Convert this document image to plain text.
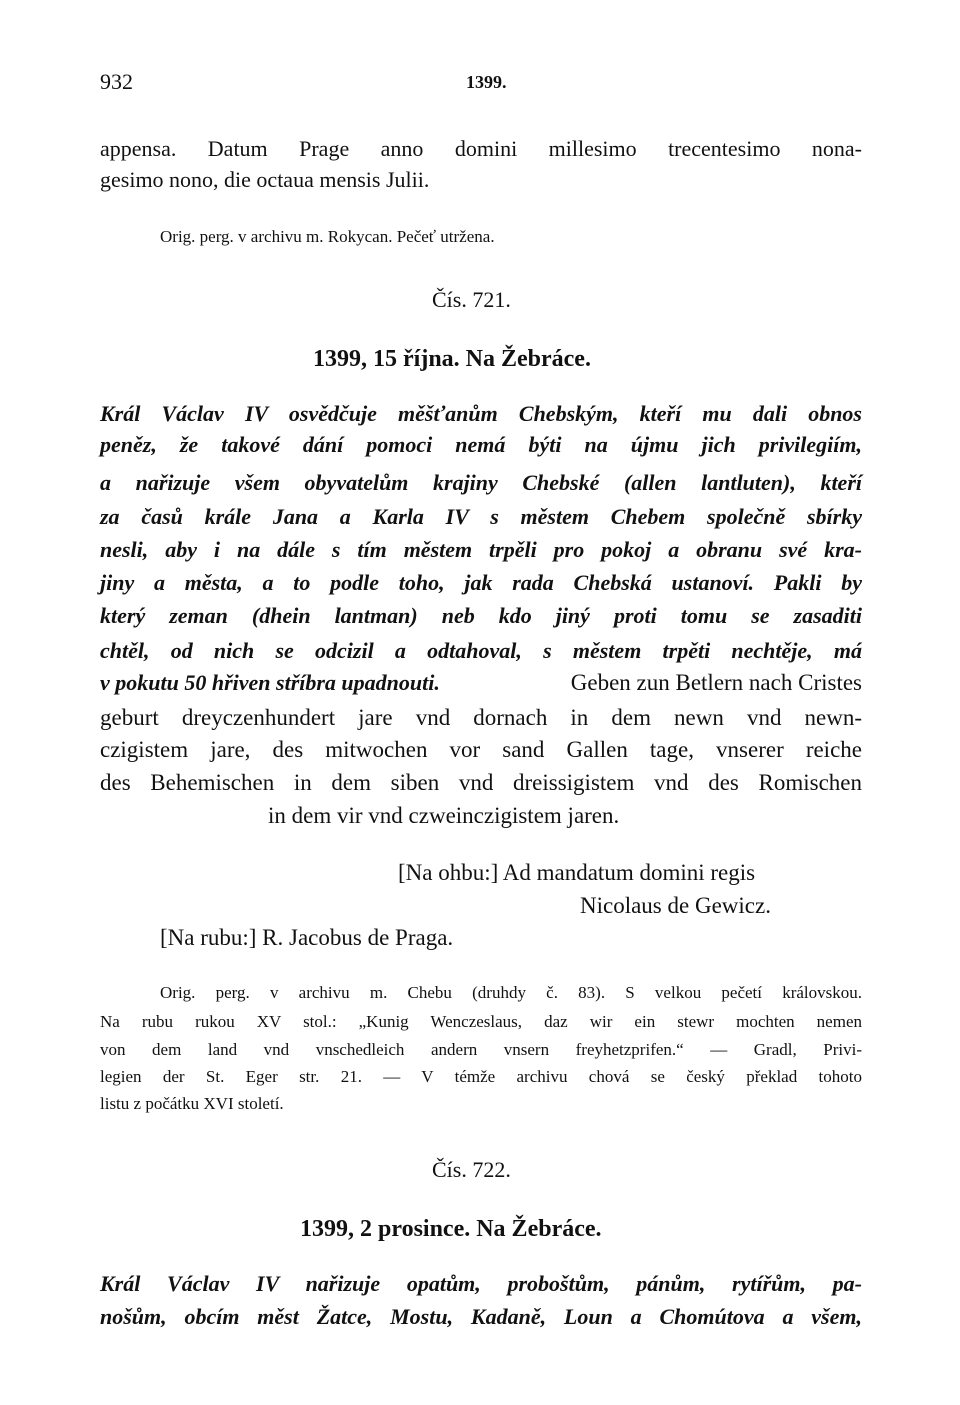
932	1399.
appensa. Datum Prage anno domini millesimo trecentesimo nona-
gesimo nono, die octaua mensis Julii.
Orig. perg. v archivu m. Rokycan. Pečeť utržena.
Čís. 721.
1399, 15 října. Na Žebráce.
Král Václav IV osvědčuje měšťanům Chebským, kteří mu dali obnos
peněz, že takové dání pomoci nemá býti na újmu jich privilegiím,
a nařizuje všem obyvatelům krajiny Chebské (allen lantluten), kteří
za časů krále Jana a Karla IV s městem Chebem společně sbírky
nesli, aby i na dále s tím městem trpěli pro pokoj a obranu své kra-
jiny a města, a to podle toho, jak rada Chebská ustanoví. Pakli by
který zeman (dhein lantman) neb kdo jiný proti tomu se zasaditi
chtěl, od nich se odcizil a odtahoval, s městem trpěti nechtěje, má
v pokutu 50 hřiven stříbra upadnouti.	Geben zun Betlern nach Cristes
geburt dreyczenhundert jare vnd dornach in dem newn vnd newn-
czigistem jare, des mitwochen vor sand Gallen tage, vnserer reiche
des Behemischen in dem siben vnd dreissigistem vnd des Romischen
in dem vir vnd czweinczigistem jaren.
[Na ohbu:] Ad mandatum domini regis
Nicolaus de Gewicz.
[Na rubu:] R. Jacobus de Praga.
Orig. perg. v archivu m. Chebu (druhdy č. 83). S velkou pečetí královskou.
Na rubu rukou XV stol.: „Kunig Wenczeslaus, daz wir ein stewr mochten nemen
von dem land vnd vnschedleich andern vnsern freyhetzprifen.“ — Gradl, Privi-
legien der St. Eger str. 21. — V témže archivu chová se český překlad tohoto
listu z počátku XVI století.
Čís. 722.
1399, 2 prosince. Na Žebráce.
Král Václav IV nařizuje opatům, proboštům, pánům, rytířům, pa-
nošům, obcím měst Žatce, Mostu, Kadaně, Loun a Chomútova a všem,
